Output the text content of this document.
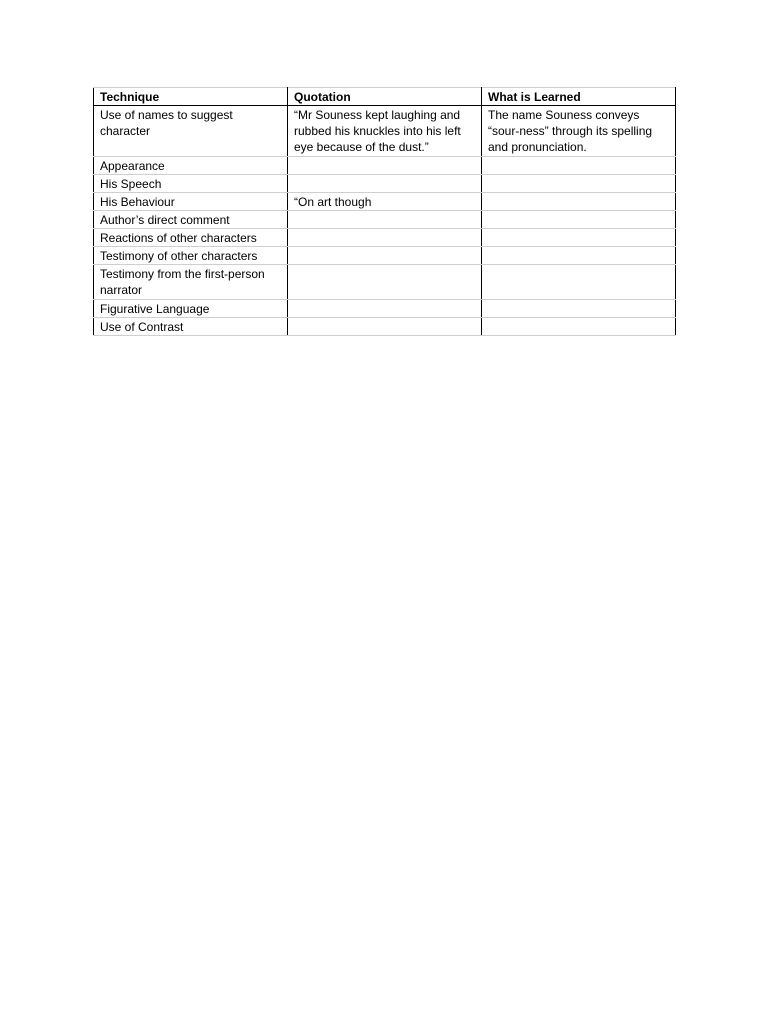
Technique	Quotation	What is Learned

Use of names to suggest character	“Mr Souness kept laughing and rubbed his knuckles into his left eye because of the dust.”	The name Souness conveys “sour-ness” through its spelling and pronunciation.

Appearance		

His Speech		

His Behaviour	“On art though	

Author’s direct comment		

Reactions of other characters		

Testimony of other characters		

Testimony from the first-person narrator		

Figurative Language		

Use of Contrast		
